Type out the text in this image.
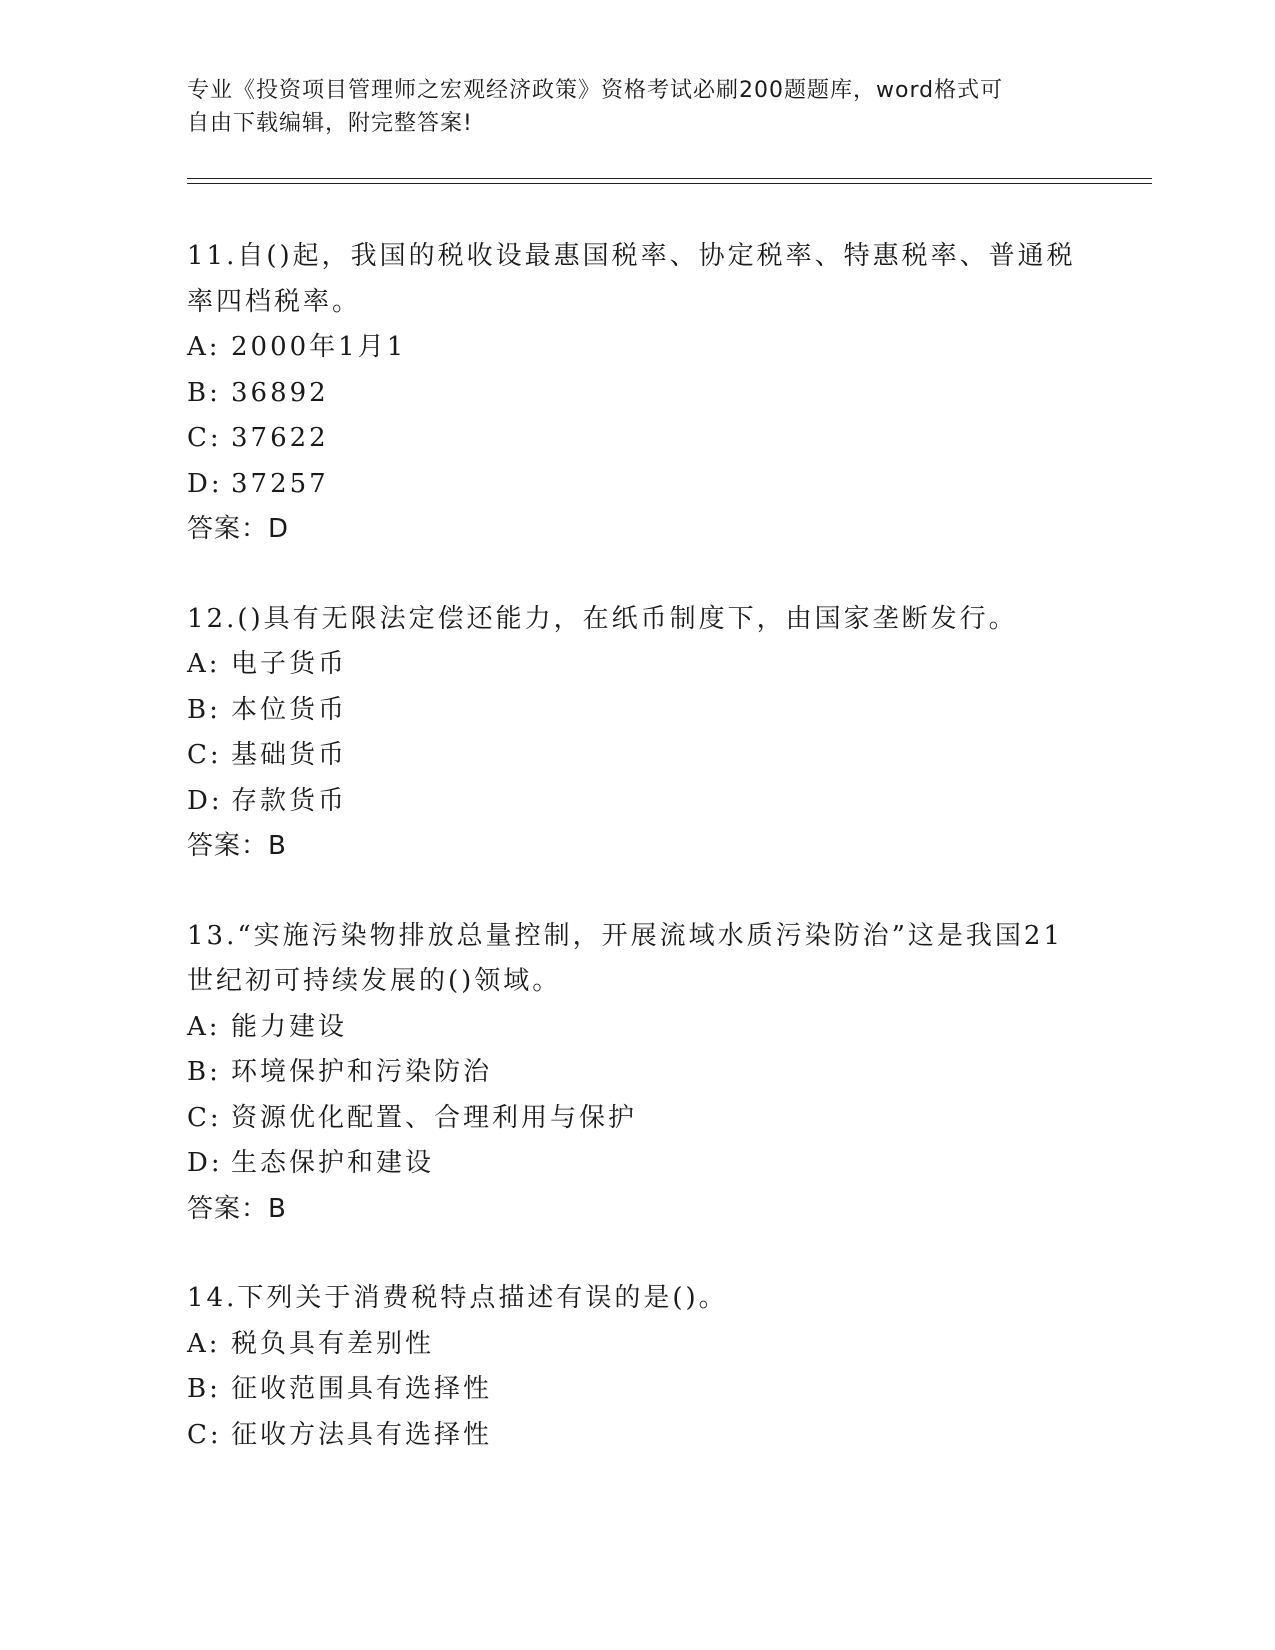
专业《投资项目管理师之宏观经济政策》资格考试必刷200题题库，word格式可
自由下载编辑，附完整答案!
11.自()起，我国的税收设最惠国税率、协定税率、特惠税率、普通税
率四档税率。
A: 2000年1月1
B: 36892
C: 37622
D: 37257
答案：D
12.()具有无限法定偿还能力，在纸币制度下，由国家垄断发行。
A: 电子货币
B: 本位货币
C: 基础货币
D: 存款货币
答案：B
13.“实施污染物排放总量控制，开展流域水质污染防治”这是我国21
世纪初可持续发展的()领域。
A: 能力建设
B: 环境保护和污染防治
C: 资源优化配置、合理利用与保护
D: 生态保护和建设
答案：B
14.下列关于消费税特点描述有误的是()。
A: 税负具有差别性
B: 征收范围具有选择性
C: 征收方法具有选择性
